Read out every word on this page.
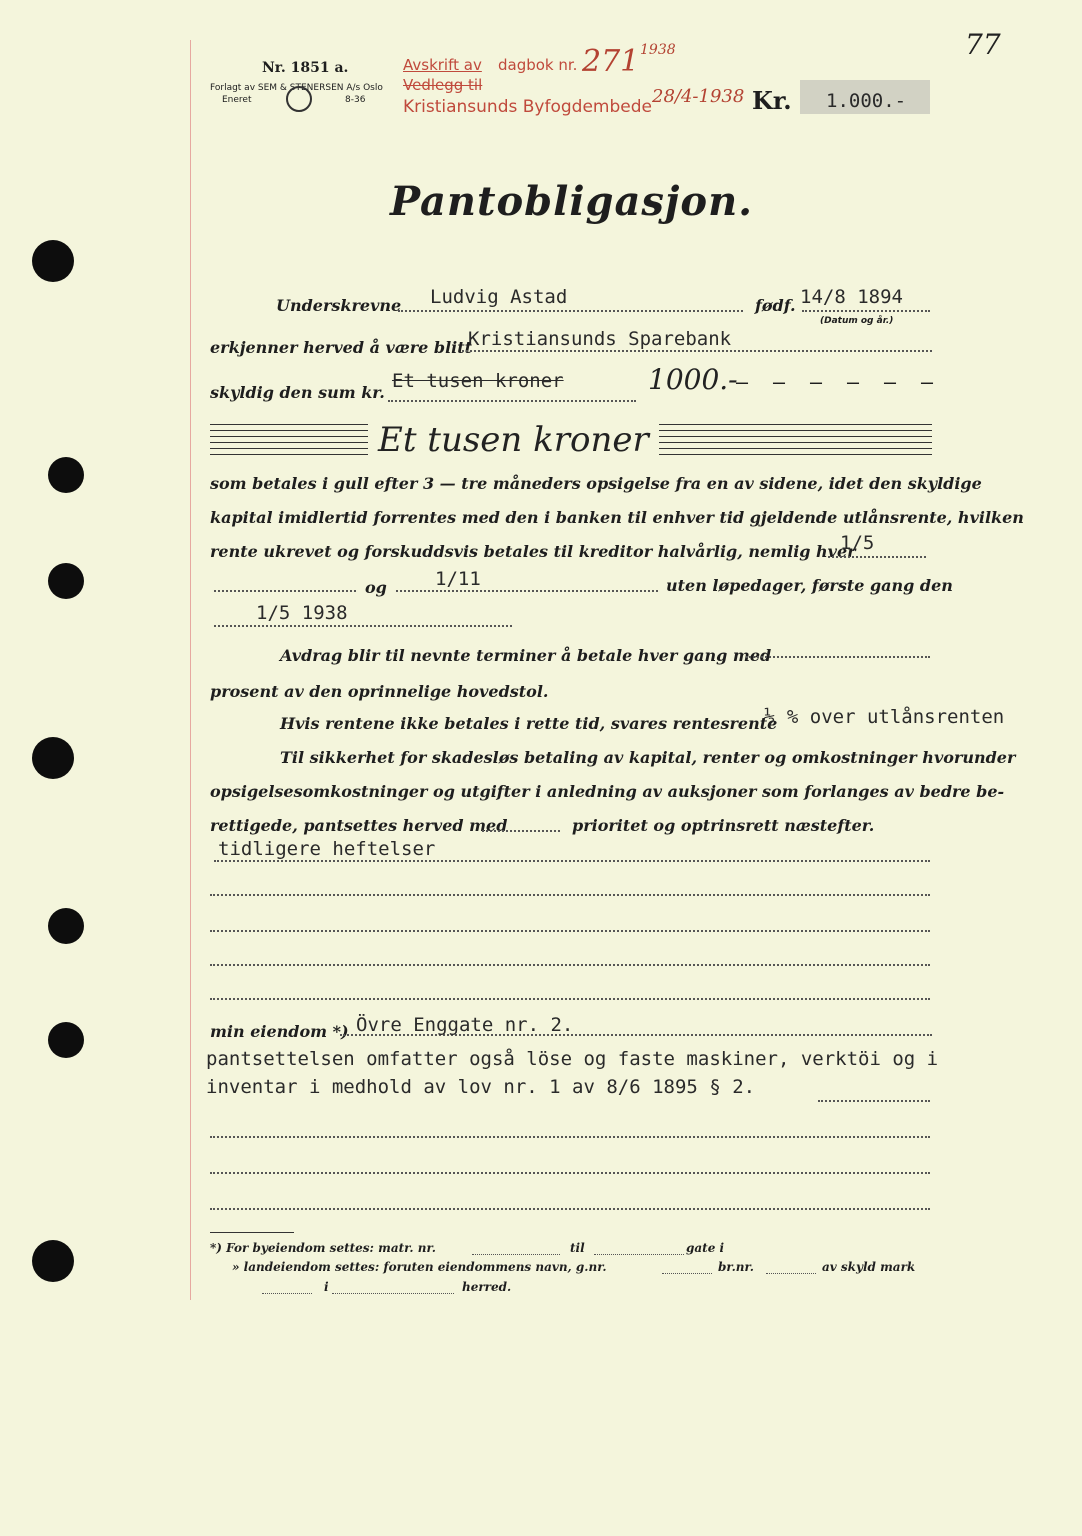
77
Nr. 1851 a.
Forlagt av SEM & STENERSEN A/s Oslo
Eneret	8-36
Avskrift av dagbok nr. 271 1938
Vedlegg til
Kristiansunds Byfogdembede 28/4-1938 Kr. 1.000.-
Pantobligasjon.
Underskrevne Ludvig Astad	fødf. 14/8 1894
(Datum og år.)
erkjenner herved å være blitt
Kristiansunds Sparebank
skyldig den sum kr.
Et tusen kroner	1000.-
‒ ‒ ‒ ‒ ‒ ‒
Et tusen kroner
som betales i gull efter 3 — tre måneders opsigelse fra en av sidene, idet den skyldige
kapital imidlertid forrentes med den i banken til enhver tid gjeldende utlånsrente, hvilken
rente ukrevet og forskuddsvis betales til kreditor halvårlig, nemlig hver
1/5
og	1/11	uten løpedager, første gang den
1/5 1938
Avdrag blir til nevnte terminer å betale hver gang med
prosent av den oprinnelige hovedstol.
Hvis rentene ikke betales i rette tid, svares rentesrente
½ % over utlånsrenten
Til sikkerhet for skadesløs betaling av kapital, renter og omkostninger hvorunder
opsigelsesomkostninger og utgifter i anledning av auksjoner som forlanges av bedre be-
rettigede, pantsettes herved med	prioritet og optrinsrett næstefter.
tidligere heftelser
min eiendom *) Övre Enggate nr. 2.
pantsettelsen omfatter også löse og faste maskiner, verktöi og i
inventar i medhold av lov nr. 1 av 8/6 1895 § 2.
*) For byeiendom settes: matr. nr.	til	gate i
» landeiendom settes: foruten eiendommens navn, g.nr.	br.nr.	av skyld mark
i	herred.
